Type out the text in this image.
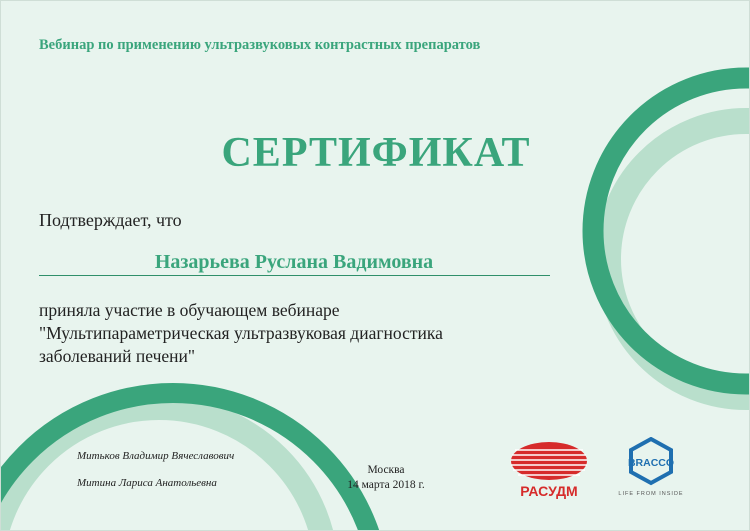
Вебинар по применению ультразвуковых контрастных препаратов
СЕРТИФИКАТ
Подтверждает, что
Назарьева Руслана Вадимовна
приняла участие в обучающем вебинаре
"Мультипараметрическая ультразвуковая диагностика
заболеваний печени"
Митьков Владимир Вячеславович
Митина Лариса Анатольевна
Москва
14 марта 2018 г.	РАСУДМ
BRACCO
LIFE FROM INSIDE
